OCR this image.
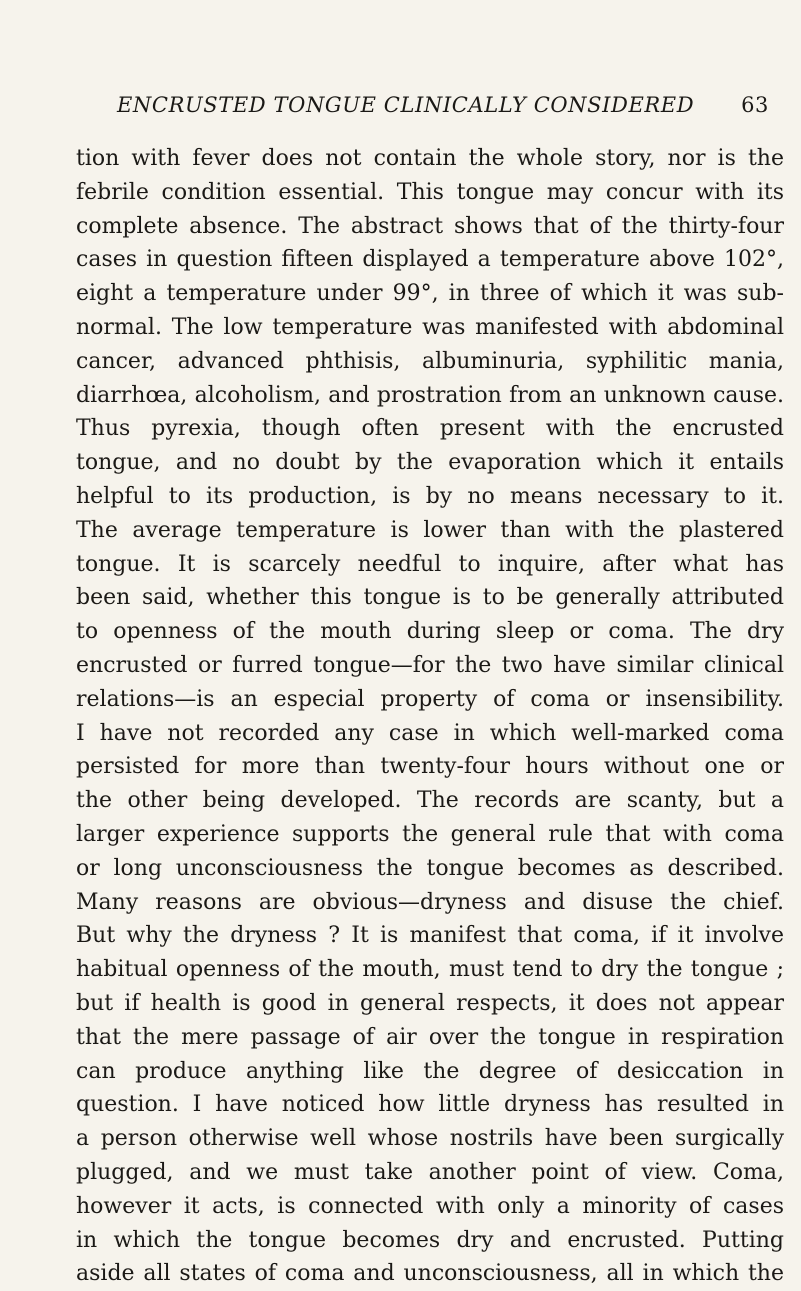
ENCRUSTED TONGUE CLINICALLY CONSIDERED 63
tion with fever does not contain the whole story, nor is the
febrile condition essential. This tongue may concur with its
complete absence. The abstract shows that of the thirty-four
cases in question fifteen displayed a temperature above 102°,
eight a temperature under 99°, in three of which it was sub-
normal. The low temperature was manifested with abdominal
cancer, advanced phthisis, albuminuria, syphilitic mania,
diarrhœa, alcoholism, and prostration from an unknown cause.
Thus pyrexia, though often present with the encrusted
tongue, and no doubt by the evaporation which it entails
helpful to its production, is by no means necessary to it.
The average temperature is lower than with the plastered
tongue. It is scarcely needful to inquire, after what has
been said, whether this tongue is to be generally attributed
to openness of the mouth during sleep or coma. The dry
encrusted or furred tongue—for the two have similar clinical
relations—is an especial property of coma or insensibility.
I have not recorded any case in which well-marked coma
persisted for more than twenty-four hours without one or
the other being developed. The records are scanty, but a
larger experience supports the general rule that with coma
or long unconsciousness the tongue becomes as described.
Many reasons are obvious—dryness and disuse the chief.
But why the dryness ? It is manifest that coma, if it involve
habitual openness of the mouth, must tend to dry the tongue ;
but if health is good in general respects, it does not appear
that the mere passage of air over the tongue in respiration
can produce anything like the degree of desiccation in
question. I have noticed how little dryness has resulted in
a person otherwise well whose nostrils have been surgically
plugged, and we must take another point of view. Coma,
however it acts, is connected with only a minority of cases
in which the tongue becomes dry and encrusted. Putting
aside all states of coma and unconsciousness, all in which the
